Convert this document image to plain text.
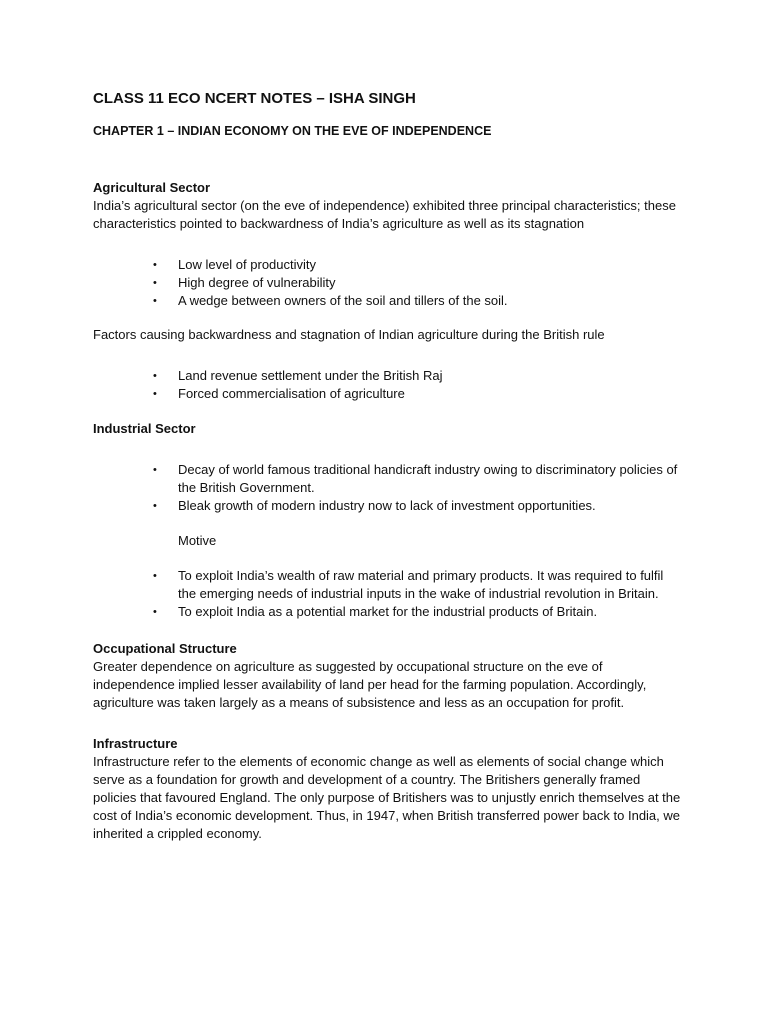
CLASS 11 ECO NCERT NOTES – ISHA SINGH
CHAPTER 1 – INDIAN ECONOMY ON THE EVE OF INDEPENDENCE
Agricultural Sector

India’s agricultural sector (on the eve of independence) exhibited three principal characteristics; these characteristics pointed to backwardness of India’s agriculture as well as its stagnation

• Low level of productivity
• High degree of vulnerability
• A wedge between owners of the soil and tillers of the soil.

Factors causing backwardness and stagnation of Indian agriculture during the British rule

• Land revenue settlement under the British Raj
• Forced commercialisation of agriculture
Industrial Sector
• Decay of world famous traditional handicraft industry owing to discriminatory policies of the British Government.
• Bleak growth of modern industry now to lack of investment opportunities.
Motive
• To exploit India’s wealth of raw material and primary products. It was required to fulfil the emerging needs of industrial inputs in the wake of industrial revolution in Britain.
• To exploit India as a potential market for the industrial products of Britain.
Occupational Structure

Greater dependence on agriculture as suggested by occupational structure on the eve of independence implied lesser availability of land per head for the farming population. Accordingly, agriculture was taken largely as a means of subsistence and less as an occupation for profit.

Infrastructure

Infrastructure refer to the elements of economic change as well as elements of social change which serve as a foundation for growth and development of a country. The Britishers generally framed policies that favoured England. The only purpose of Britishers was to unjustly enrich themselves at the cost of India’s economic development. Thus, in 1947, when British transferred power back to India, we inherited a crippled economy.
